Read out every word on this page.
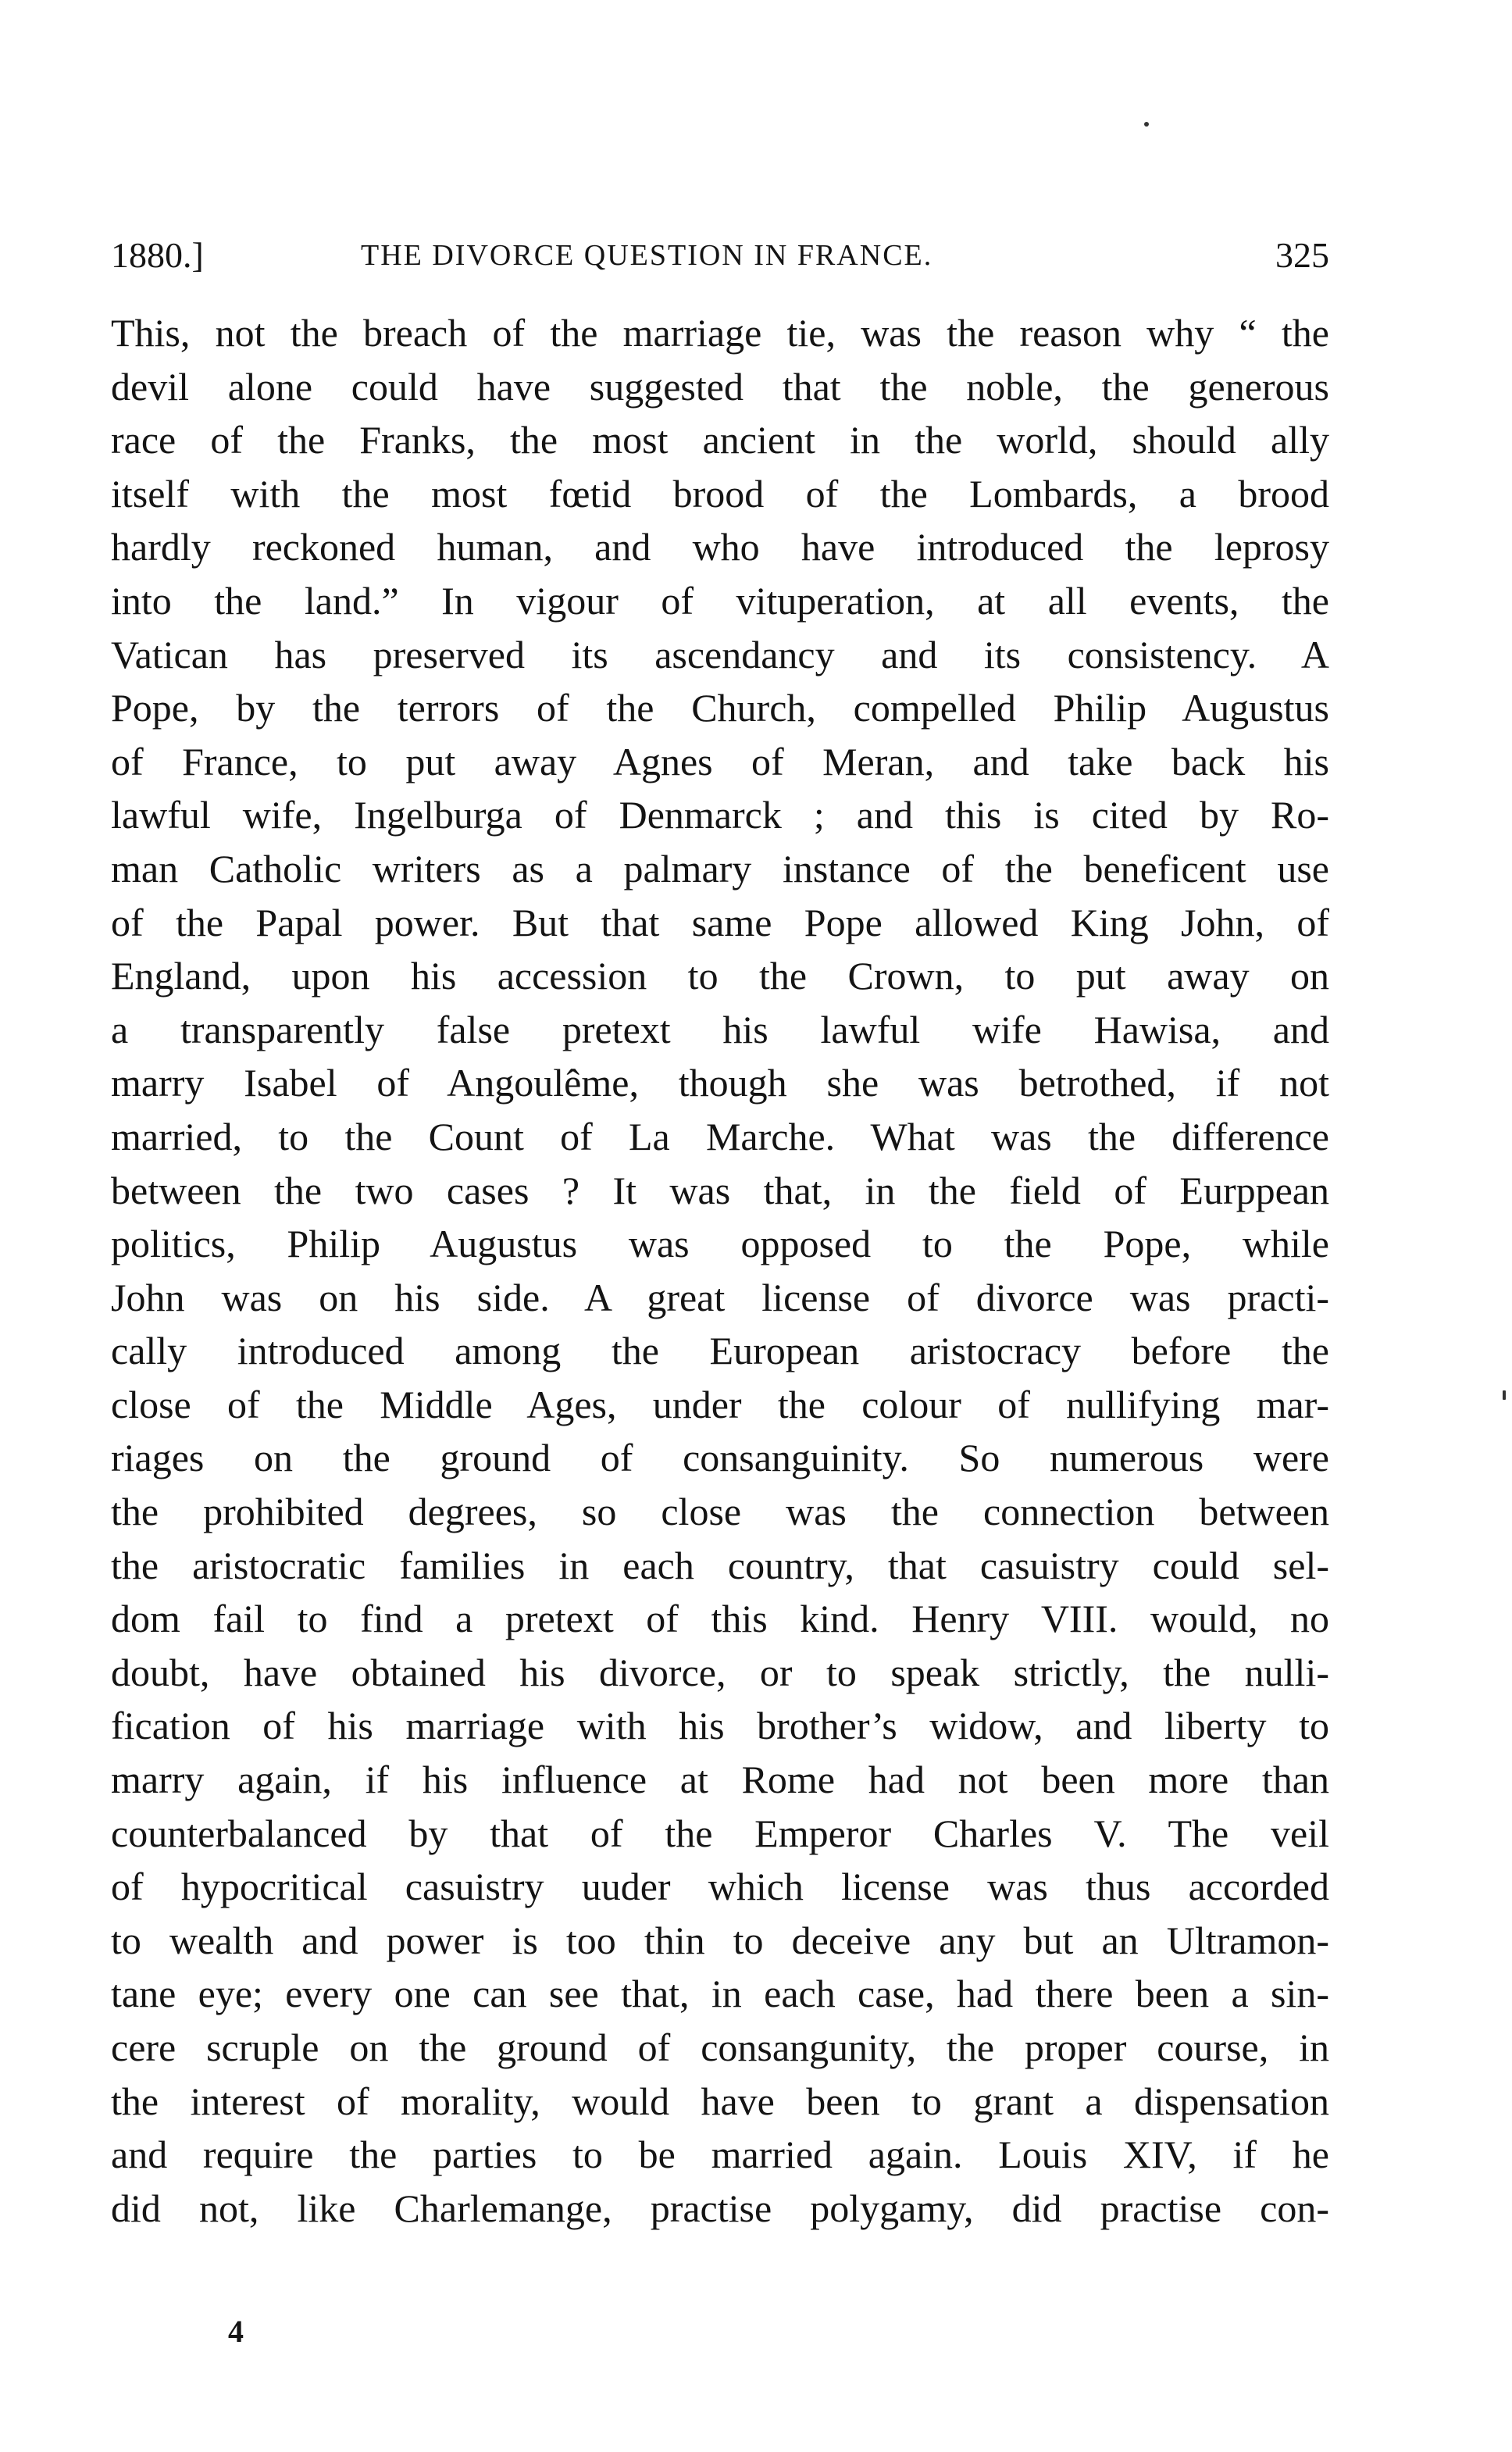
1880.]	THE DIVORCE QUESTION IN FRANCE.	325
This, not the breach of the marriage tie, was the reason why “ the
devil alone could have suggested that the noble, the generous
race of the Franks, the most ancient in the world, should ally
itself with the most fœtid brood of the Lombards, a brood
hardly reckoned human, and who have introduced the leprosy
into the land.” In vigour of vituperation, at all events, the
Vatican has preserved its ascendancy and its consistency. A
Pope, by the terrors of the Church, compelled Philip Augustus
of France, to put away Agnes of Meran, and take back his
lawful wife, Ingelburga of Denmarck ; and this is cited by Ro-
man Catholic writers as a palmary instance of the beneficent use
of the Papal power. But that same Pope allowed King John, of
England, upon his accession to the Crown, to put away on
a transparently false pretext his lawful wife Hawisa, and
marry Isabel of Angoulême, though she was betrothed, if not
married, to the Count of La Marche. What was the difference
between the two cases ? It was that, in the field of Eurppean
politics, Philip Augustus was opposed to the Pope, while
John was on his side. A great license of divorce was practi-
cally introduced among the European aristocracy before the
close of the Middle Ages, under the colour of nullifying mar-
riages on the ground of consanguinity. So numerous were
the prohibited degrees, so close was the connection between
the aristocratic families in each country, that casuistry could sel-
dom fail to find a pretext of this kind. Henry VIII. would, no
doubt, have obtained his divorce, or to speak strictly, the nulli-
fication of his marriage with his brother’s widow, and liberty to
marry again, if his influence at Rome had not been more than
counterbalanced by that of the Emperor Charles V. The veil
of hypocritical casuistry uuder which license was thus accorded
to wealth and power is too thin to deceive any but an Ultramon-
tane eye; every one can see that, in each case, had there been a sin-
cere scruple on the ground of consangunity, the proper course, in
the interest of morality, would have been to grant a dispensation
and require the parties to be married again. Louis XIV, if he
did not, like Charlemange, practise polygamy, did practise con-
4
